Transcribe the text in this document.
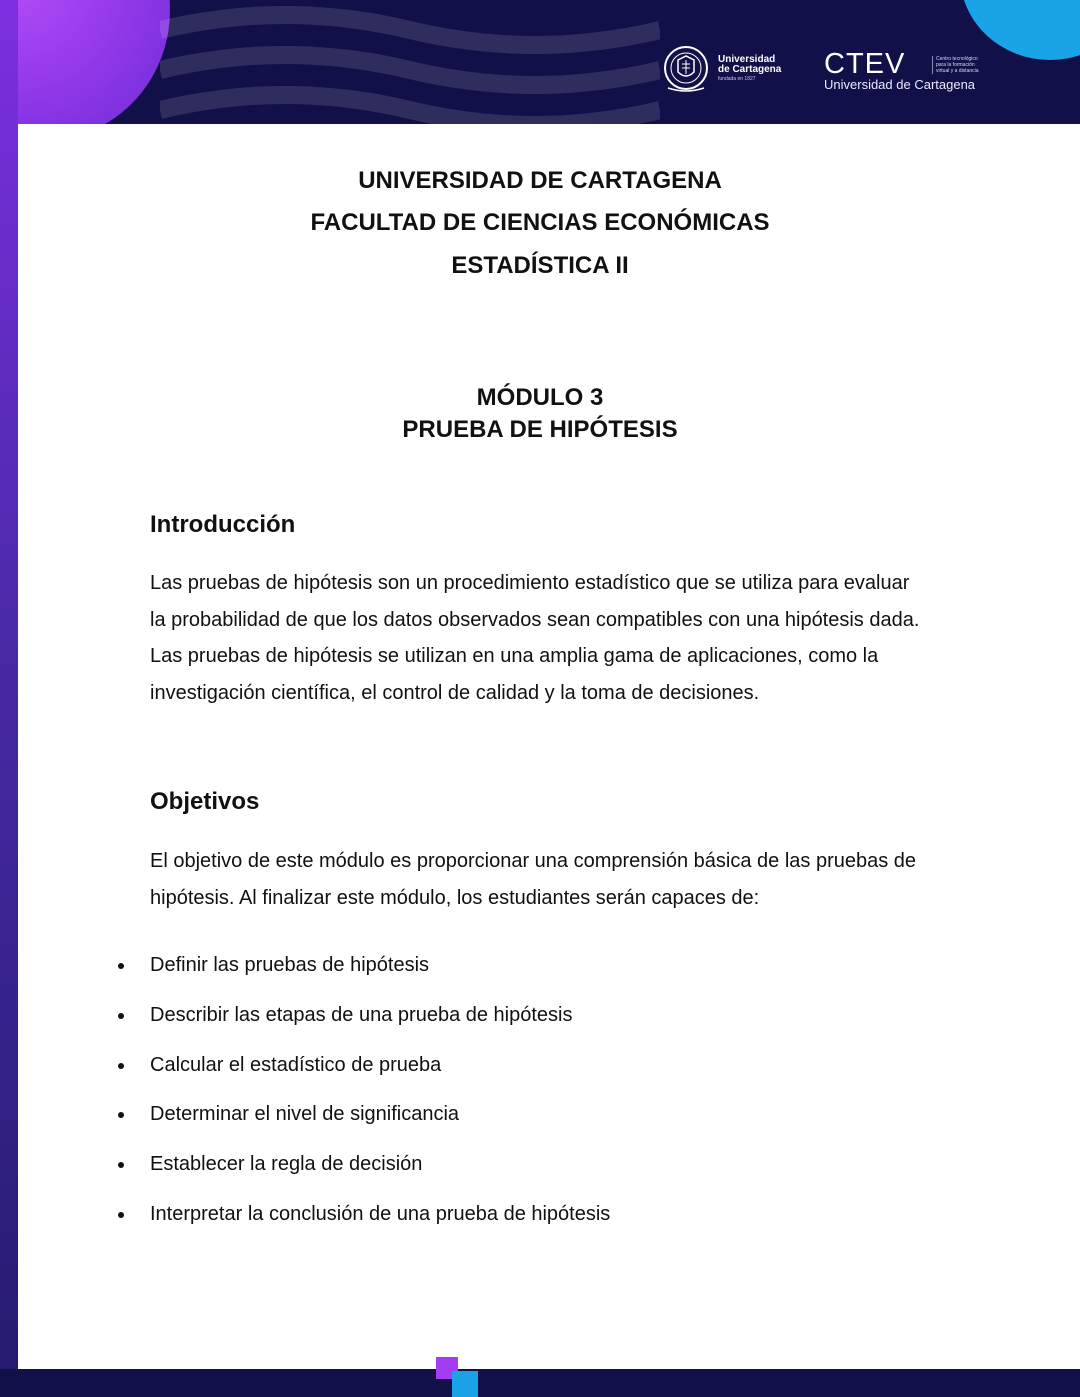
Universidad
de Cartagena
fundada en 1827	CTEV	Centro tecnológico
para la formación
virtual y a distancia
Universidad de Cartagena
UNIVERSIDAD DE CARTAGENA
FACULTAD DE CIENCIAS ECONÓMICAS
ESTADÍSTICA II
MÓDULO 3
PRUEBA DE HIPÓTESIS
Introducción
Las pruebas de hipótesis son un procedimiento estadístico que se utiliza para evaluar la probabilidad de que los datos observados sean compatibles con una hipótesis dada. Las pruebas de hipótesis se utilizan en una amplia gama de aplicaciones, como la investigación científica, el control de calidad y la toma de decisiones.
Objetivos
El objetivo de este módulo es proporcionar una comprensión básica de las pruebas de hipótesis. Al finalizar este módulo, los estudiantes serán capaces de:
Definir las pruebas de hipótesis
Describir las etapas de una prueba de hipótesis
Calcular el estadístico de prueba
Determinar el nivel de significancia
Establecer la regla de decisión
Interpretar la conclusión de una prueba de hipótesis
